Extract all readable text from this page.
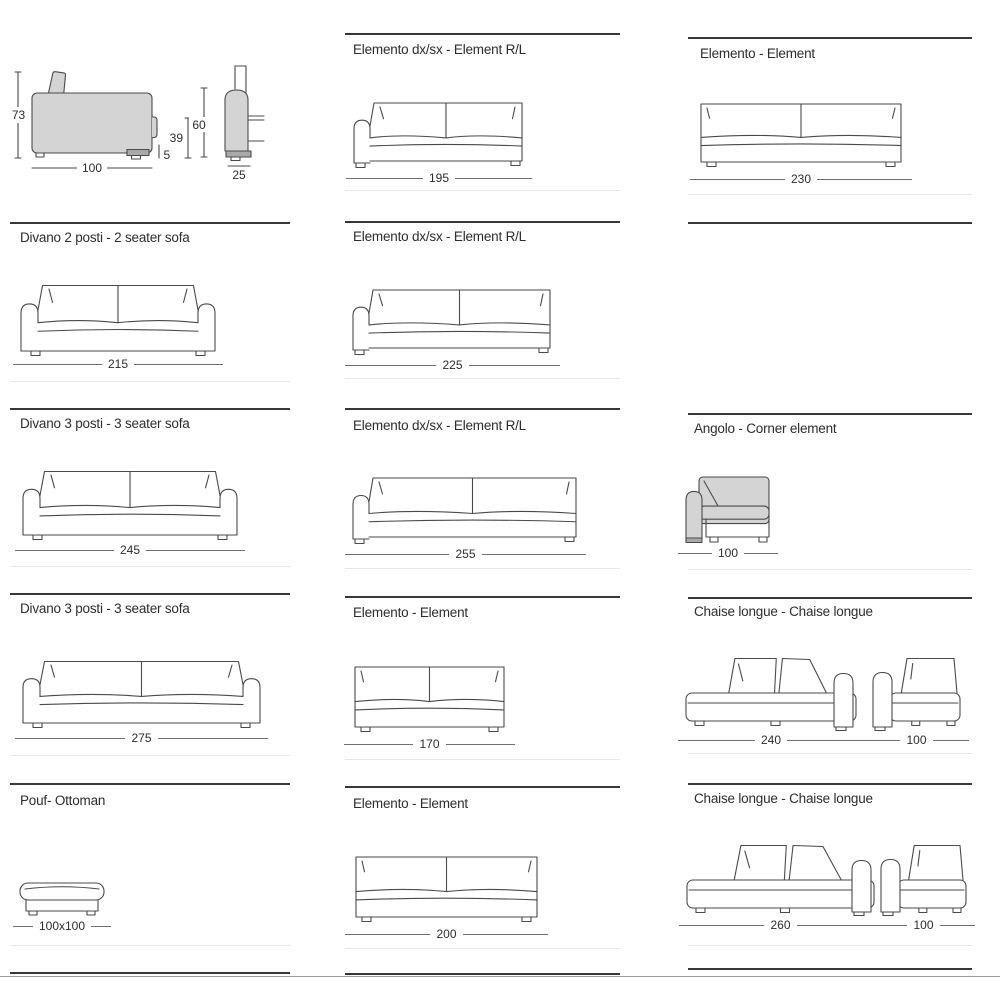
73
100
5
39
60
25
Divano 2 posti - 2 seater sofa
215
Divano 3 posti - 3 seater sofa
245
Divano 3 posti - 3 seater sofa
275
Pouf- Ottoman
100x100
Elemento dx/sx - Element R/L
195
Elemento dx/sx - Element R/L
225
Elemento dx/sx - Element R/L
255
Elemento - Element
170
Elemento - Element
200
Elemento - Element
230
Angolo - Corner element
100
Chaise longue - Chaise longue
240	100
Chaise longue - Chaise longue
260	100
